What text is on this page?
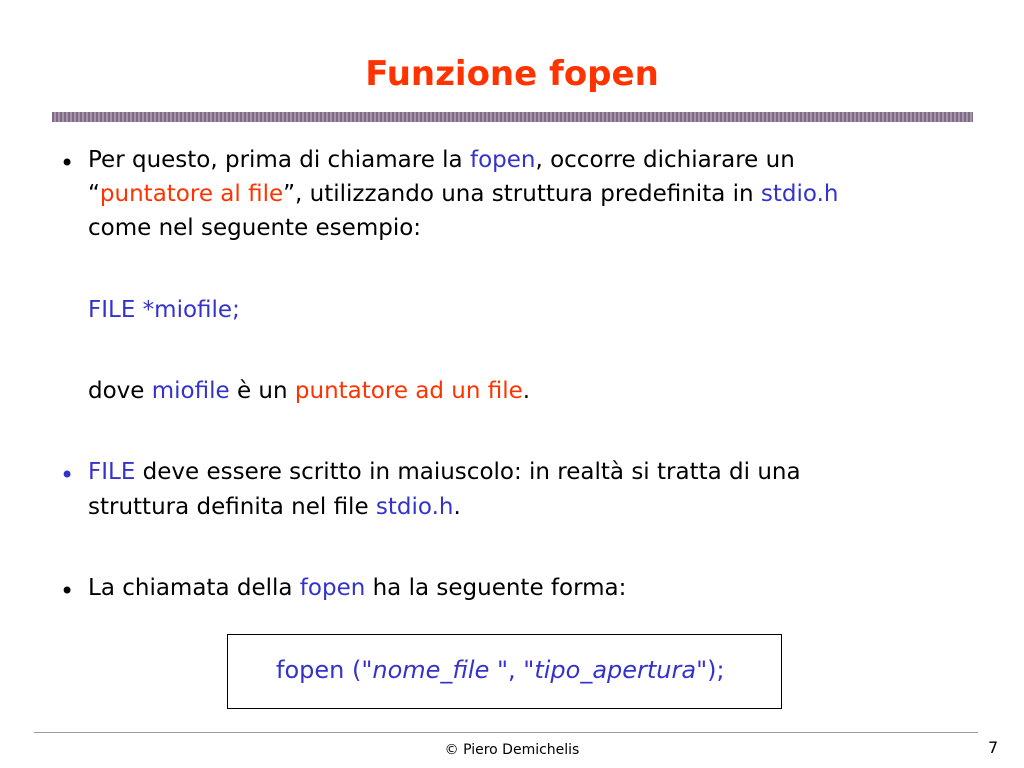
Funzione fopen
• Per questo, prima di chiamare la fopen, occorre dichiarare un
“puntatore al file”, utilizzando una struttura predefinita in stdio.h
come nel seguente esempio:
FILE *miofile;
dove miofile è un puntatore ad un file.
• FILE deve essere scritto in maiuscolo: in realtà si tratta di una
struttura definita nel file stdio.h.
• La chiamata della fopen ha la seguente forma:
fopen ("nome_file ", "tipo_apertura");
© Piero Demichelis	7
